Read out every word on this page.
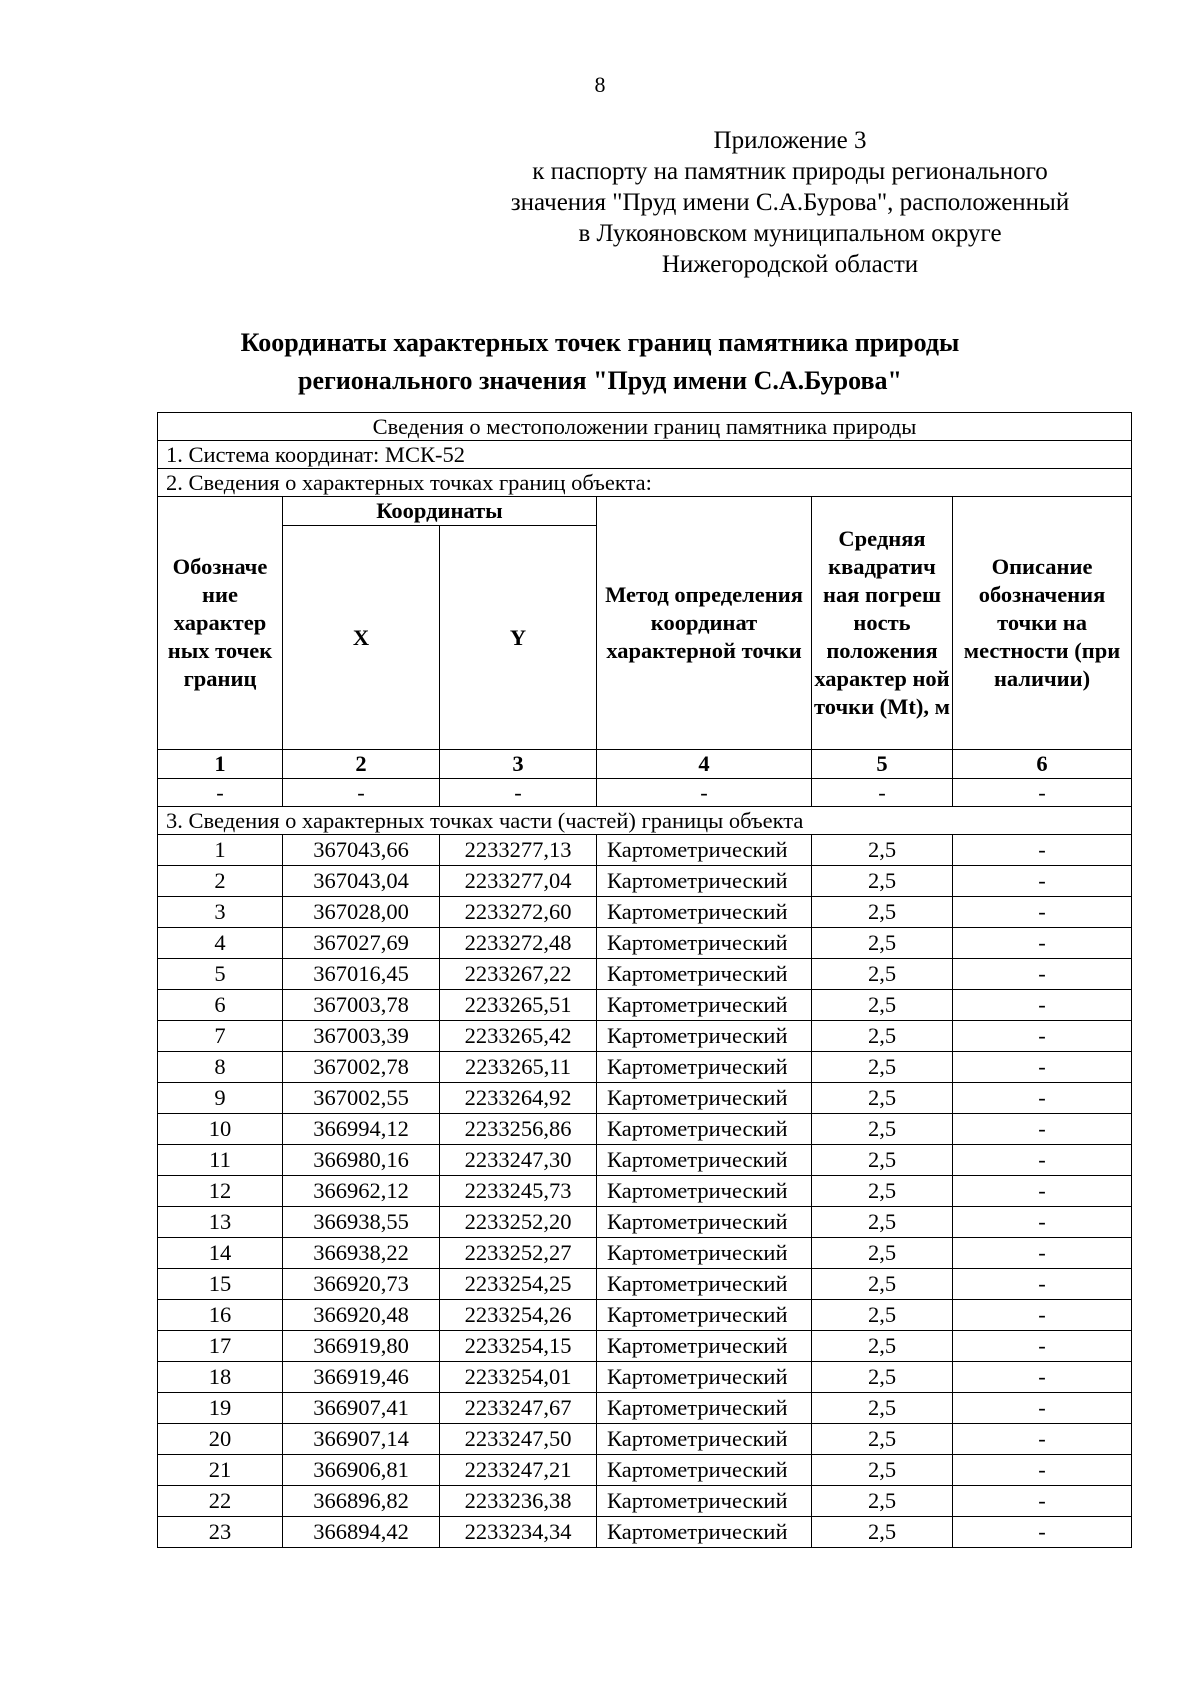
8
Приложение 3
к паспорту на памятник природы регионального
значения "Пруд имени С.А.Бурова", расположенный
в Лукояновском муниципальном округе
Нижегородской области
Координаты характерных точек границ памятника природы
регионального значения "Пруд имени С.А.Бурова"
Сведения о местоположении границ памятника природы					
1. Система координат: МСК-52					
2. Сведения о характерных точках границ объекта:					
Обозначе ние характер ных точек границ	Координаты		Метод определения координат характерной точки	Средняя квадратич ная погреш ность положения характер ной точки (Mt), м	Описание обозначения точки на местности (при наличии)
	X	Y			
1	2	3	4	5	6
-	-	-	-	-	-
3. Сведения о характерных точках части (частей) границы объекта					
1	367043,66	2233277,13	Картометрический	2,5	-
2	367043,04	2233277,04	Картометрический	2,5	-
3	367028,00	2233272,60	Картометрический	2,5	-
4	367027,69	2233272,48	Картометрический	2,5	-
5	367016,45	2233267,22	Картометрический	2,5	-
6	367003,78	2233265,51	Картометрический	2,5	-
7	367003,39	2233265,42	Картометрический	2,5	-
8	367002,78	2233265,11	Картометрический	2,5	-
9	367002,55	2233264,92	Картометрический	2,5	-
10	366994,12	2233256,86	Картометрический	2,5	-
11	366980,16	2233247,30	Картометрический	2,5	-
12	366962,12	2233245,73	Картометрический	2,5	-
13	366938,55	2233252,20	Картометрический	2,5	-
14	366938,22	2233252,27	Картометрический	2,5	-
15	366920,73	2233254,25	Картометрический	2,5	-
16	366920,48	2233254,26	Картометрический	2,5	-
17	366919,80	2233254,15	Картометрический	2,5	-
18	366919,46	2233254,01	Картометрический	2,5	-
19	366907,41	2233247,67	Картометрический	2,5	-
20	366907,14	2233247,50	Картометрический	2,5	-
21	366906,81	2233247,21	Картометрический	2,5	-
22	366896,82	2233236,38	Картометрический	2,5	-
23	366894,42	2233234,34	Картометрический	2,5	-
